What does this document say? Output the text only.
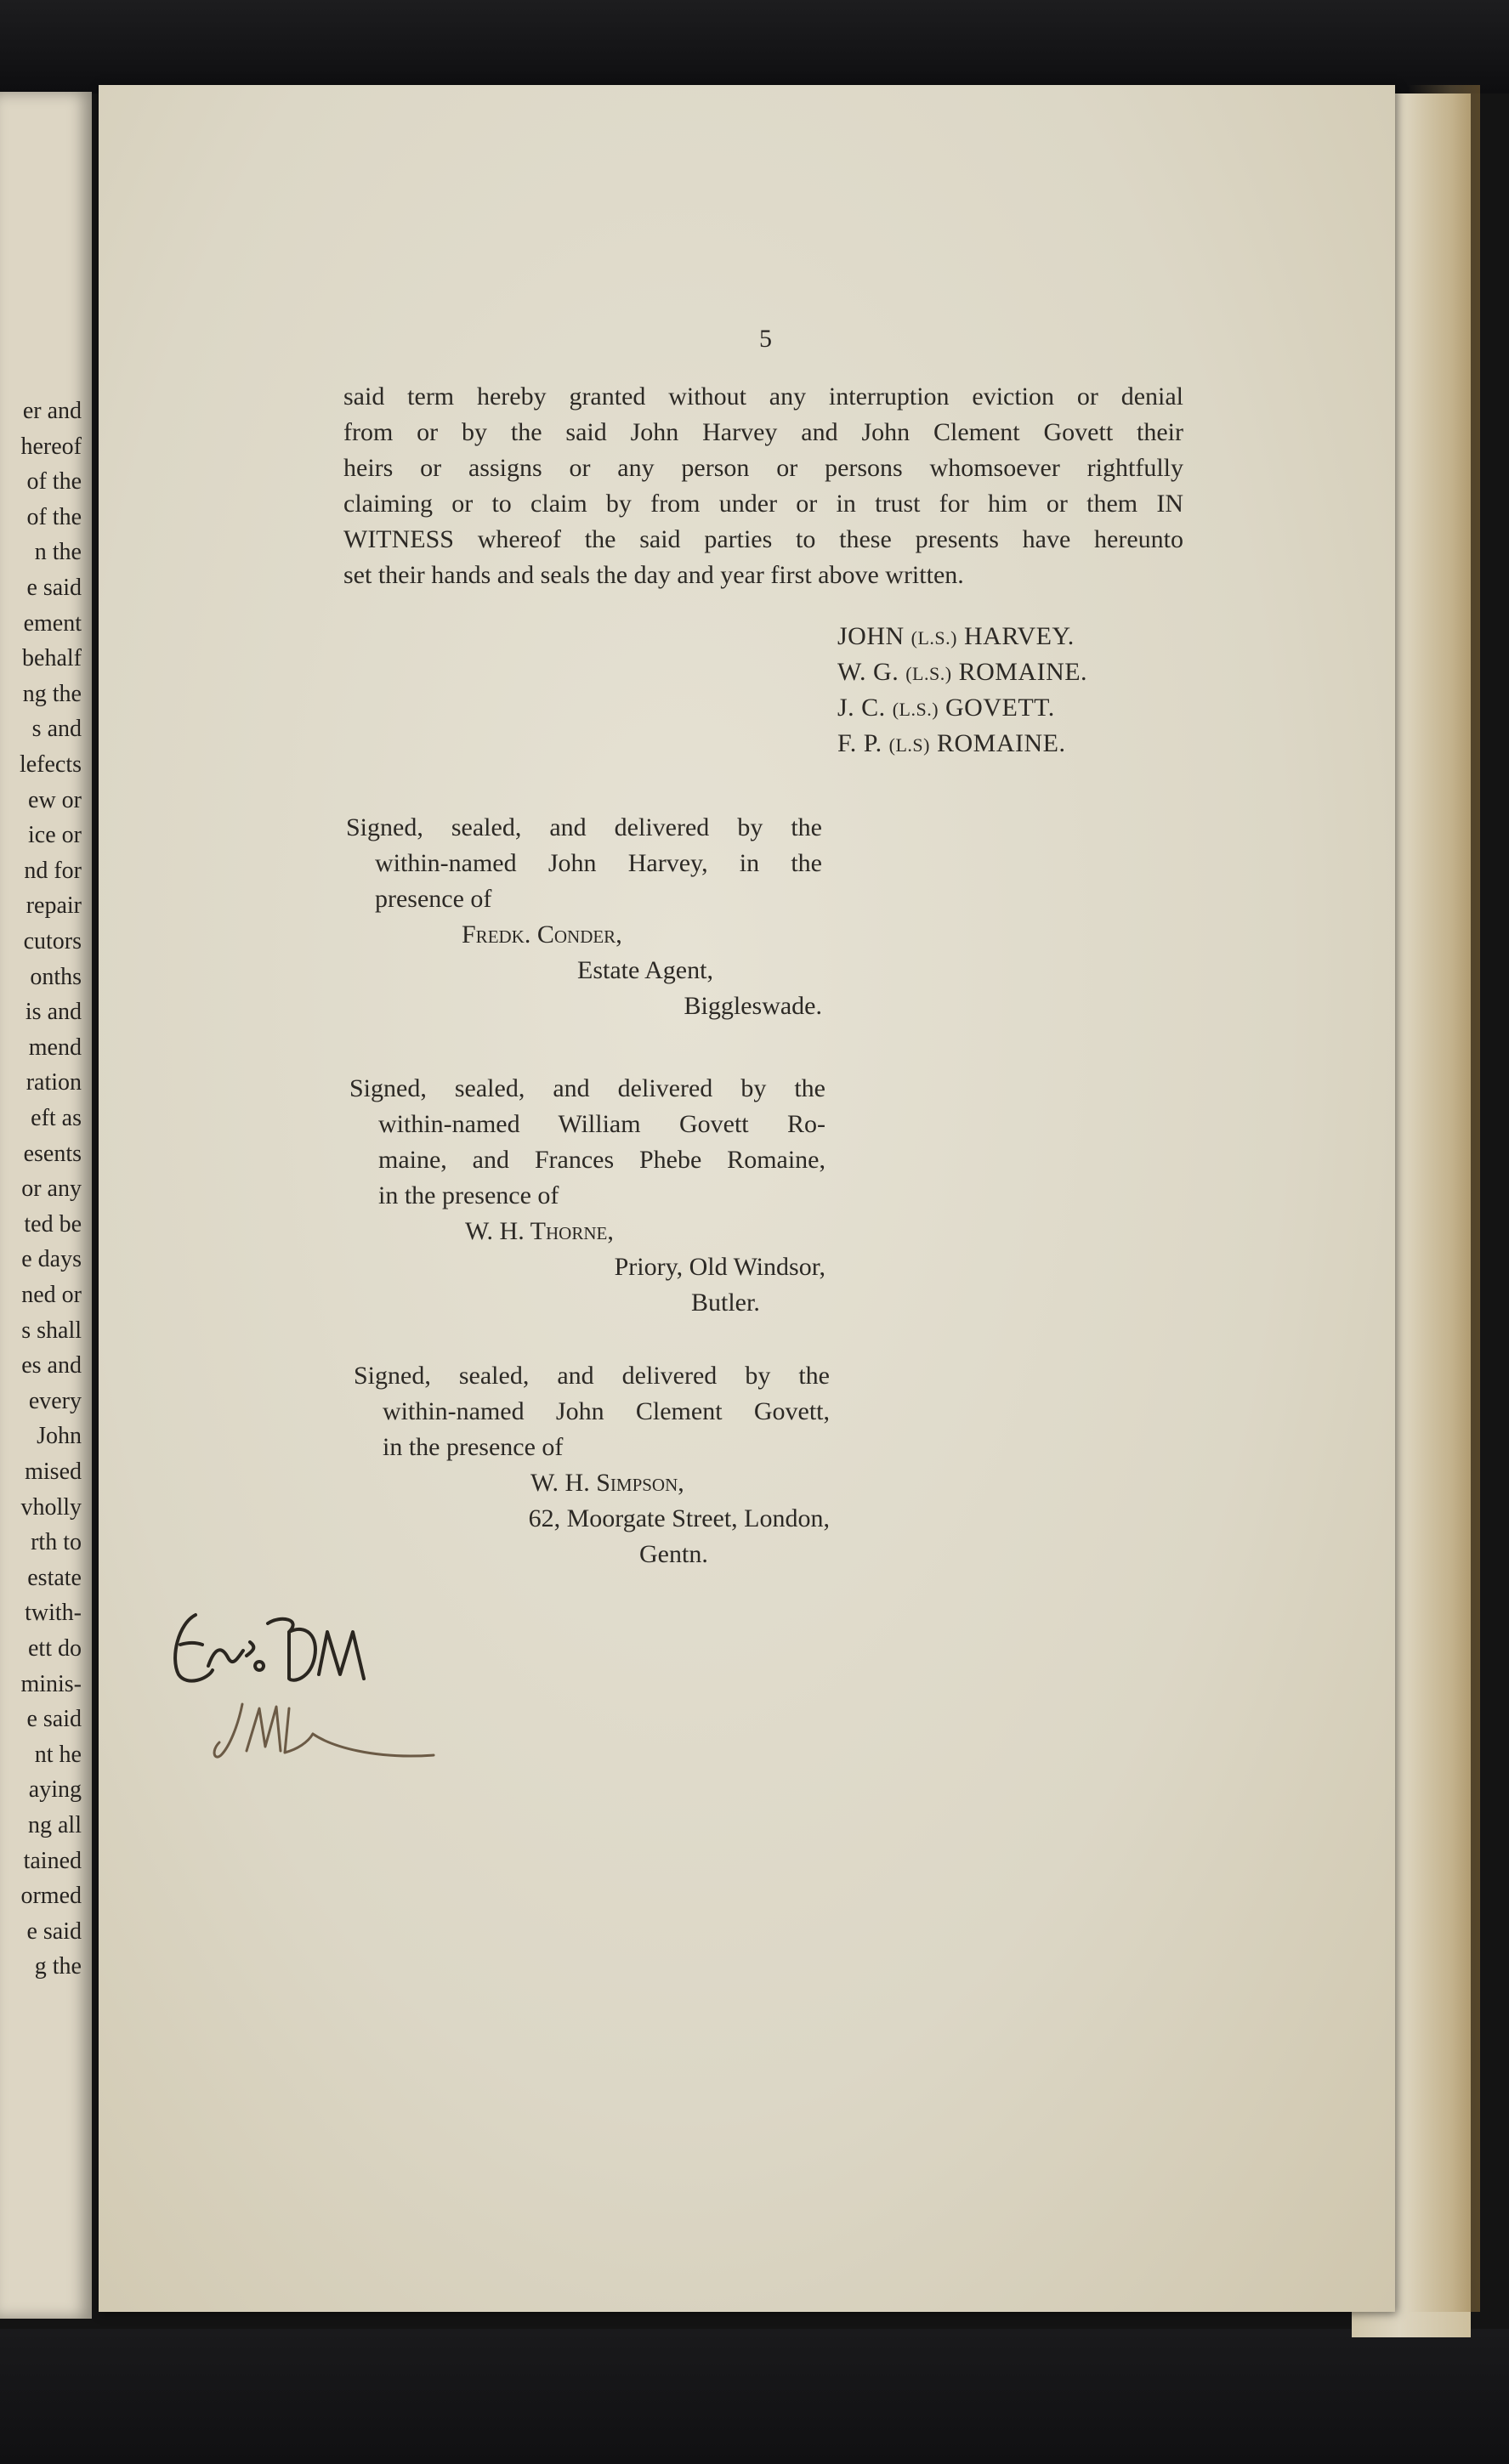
er and
hereof
of the
of the
n the
e said
ement
behalf
ng the
s and
lefects
ew or
ice or
nd for
repair
cutors
onths
is and
mend
ration
eft as
esents
or any
ted be
e days
ned or
s shall
es and
every
John
mised
vholly
rth to
estate
twith-
ett do
minis-
e said
nt he
aying
ng all
tained
ormed
e said
g the
5
said term hereby granted without any interruption eviction or denial
from or by the said John Harvey and John Clement Govett their
heirs or assigns or any person or persons whomsoever rightfully
claiming or to claim by from under or in trust for him or them IN
WITNESS whereof the said parties to these presents have hereunto
set their hands and seals the day and year first above written.
JOHN (L.S.) HARVEY.
W. G. (L.S.) ROMAINE.
J. C. (L.S.) GOVETT.
F. P. (L.S) ROMAINE.
Signed, sealed, and delivered by the
within-named John Harvey, in the
presence of
Fredk. Conder,
Estate Agent,
Biggleswade.
Signed, sealed, and delivered by the
within-named William Govett Ro-
maine, and Frances Phebe Romaine,
in the presence of
W. H. Thorne,
Priory, Old Windsor,
Butler.
Signed, sealed, and delivered by the
within-named John Clement Govett,
in the presence of
W. H. Simpson,
62, Moorgate Street, London,
Gentn.
